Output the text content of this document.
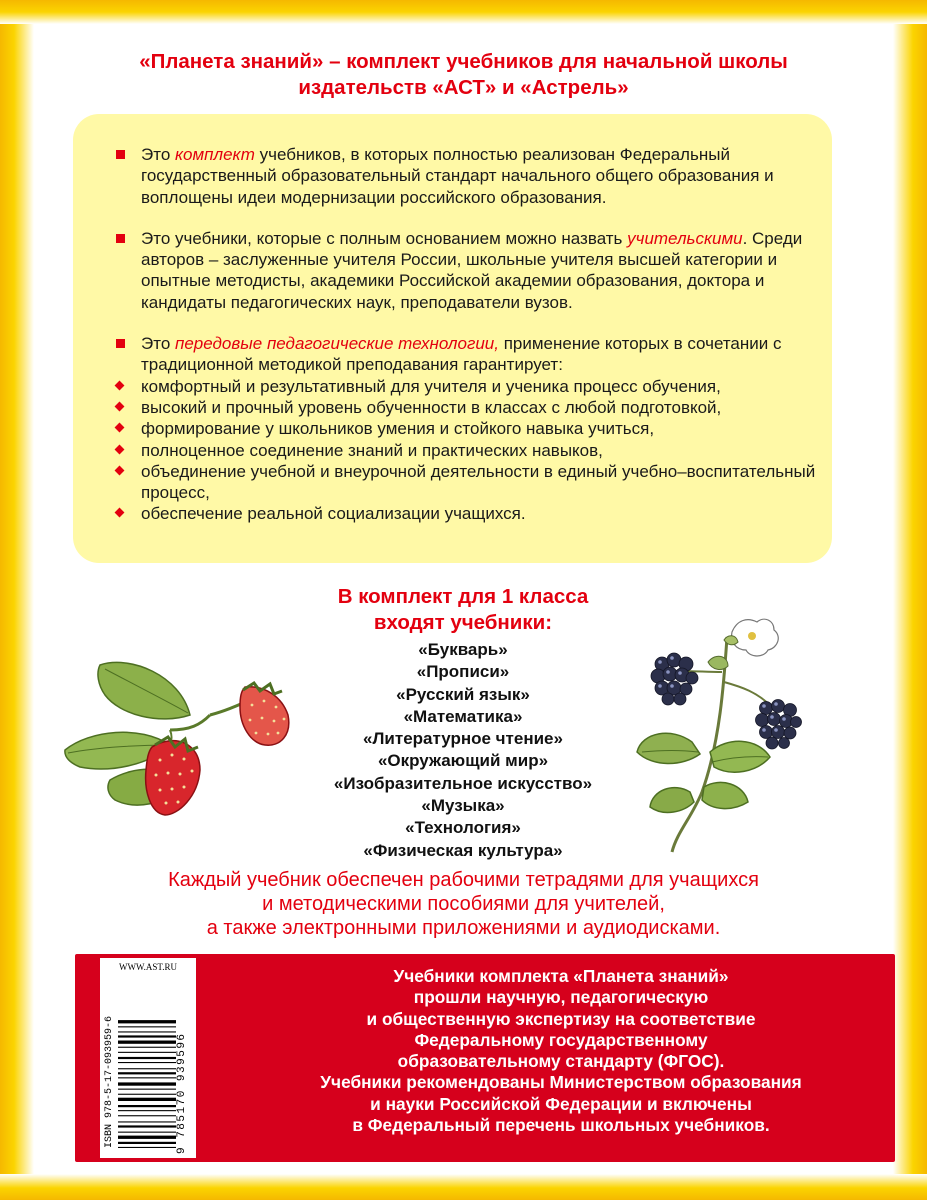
«Планета знаний» – комплект учебников для начальной школы
издательств «АСТ» и «Астрель»
Это комплект учебников, в которых полностью реализован Федеральный государственный образовательный стандарт начального общего образования и воплощены идеи модернизации российского образования.
Это учебники, которые с полным основанием можно назвать учительскими. Среди авторов – заслуженные учителя России, школьные учителя высшей категории и опытные методисты, академики Российской академии образования, доктора и кандидаты педагогических наук, преподаватели вузов.
Это передовые педагогические технологии, применение которых в сочетании с традиционной методикой преподавания гарантирует:
комфортный и результативный для учителя и ученика процесс обучения,
высокий и прочный уровень обученности в классах с любой подготовкой,
формирование у школьников умения и стойкого навыка учиться,
полноценное соединение знаний и практических навыков,
объединение учебной и внеурочной деятельности в единый учебно–воспитательный процесс,
обеспечение реальной социализации учащихся.
В комплект для 1 класса
входят учебники:
«Букварь»
«Прописи»
«Русский язык»
«Математика»
«Литературное чтение»
«Окружающий мир»
«Изобразительное искусство»
«Музыка»
«Технология»
«Физическая культура»
Каждый учебник обеспечен рабочими тетрадями для учащихся
и методическими пособиями для учителей,
а также электронными приложениями и аудиодисками.
WWW.AST.RU
ISBN 978-5-17-093959-6	9 785170 939596
Учебники комплекта «Планета знаний»
прошли научную, педагогическую
и общественную экспертизу на соответствие
Федеральному государственному
образовательному стандарту (ФГОС).
Учебники рекомендованы Министерством образования
и науки Российской Федерации и включены
в Федеральный перечень школьных учебников.
